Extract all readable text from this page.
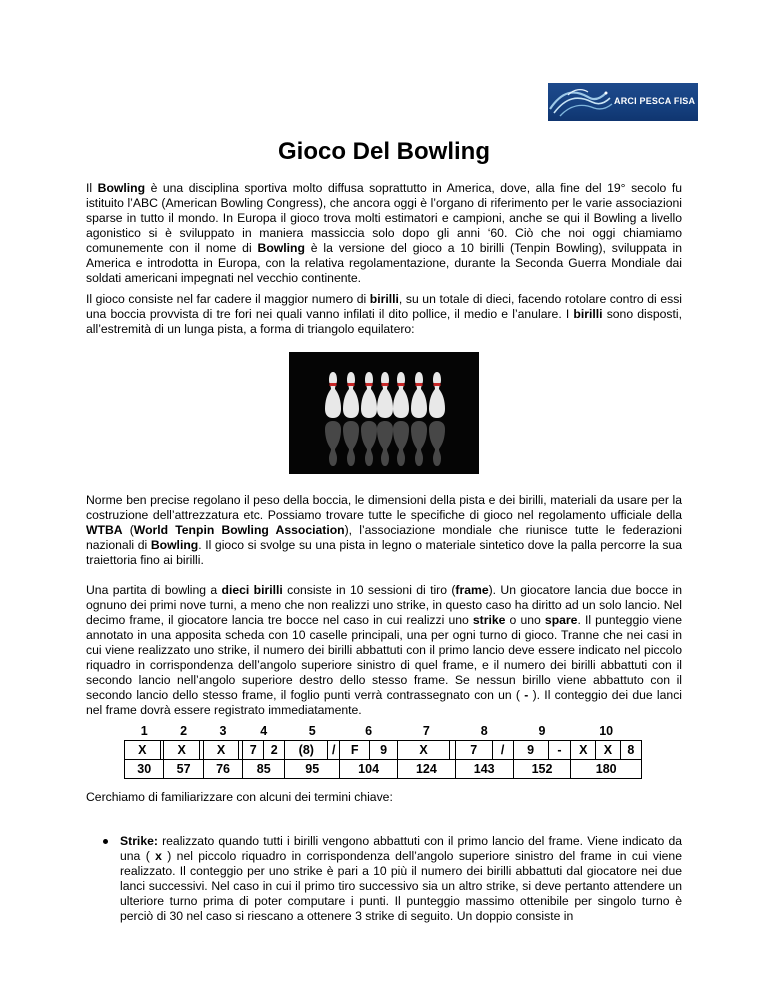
ARCI PESCA FISA
Gioco Del Bowling

Il Bowling è una disciplina sportiva molto diffusa soprattutto in America, dove, alla fine del 19° secolo fu istituito l’ABC (American Bowling Congress), che ancora oggi è l’organo di riferimento per le varie associazioni sparse in tutto il mondo. In Europa il gioco trova molti estimatori e campioni, anche se qui il Bowling a livello agonistico si è sviluppato in maniera massiccia solo dopo gli anni ‘60. Ciò che noi oggi chiamiamo comunemente con il nome di Bowling è la versione del gioco a 10 birilli (Tenpin Bowling), sviluppata in America e introdotta in Europa, con la relativa regolamentazione, durante la Seconda Guerra Mondiale dai soldati americani impegnati nel vecchio continente.

Il gioco consiste nel far cadere il maggior numero di birilli, su un totale di dieci, facendo rotolare contro di essi una boccia provvista di tre fori nei quali vanno infilati il dito pollice, il medio e l’anulare. I birilli sono disposti, all’estremità di un lunga pista, a forma di triangolo equilatero:

Norme ben precise regolano il peso della boccia, le dimensioni della pista e dei birilli, materiali da usare per la costruzione dell’attrezzatura etc. Possiamo trovare tutte le specifiche di gioco nel regolamento ufficiale della WTBA (World Tenpin Bowling Association), l’associazione mondiale che riunisce tutte le federazioni nazionali di Bowling. Il gioco si svolge su una pista in legno o materiale sintetico dove la palla percorre la sua traiettoria fino ai birilli.

Una partita di bowling a dieci birilli consiste in 10 sessioni di tiro (frame). Un giocatore lancia due bocce in ognuno dei primi nove turni, a meno che non realizzi uno strike, in questo caso ha diritto ad un solo lancio. Nel decimo frame, il giocatore lancia tre bocce nel caso in cui realizzi uno strike o uno spare. Il punteggio viene annotato in una apposita scheda con 10 caselle principali, una per ogni turno di gioco. Tranne che nei casi in cui viene realizzato uno strike, il numero dei birilli abbattuti con il primo lancio deve essere indicato nel piccolo riquadro in corrispondenza dell’angolo superiore sinistro di quel frame, e il numero dei birilli abbattuti con il secondo lancio nell’angolo superiore destro dello stesso frame. Se nessun birillo viene abbattuto con il secondo lancio dello stesso frame, il foglio punti verrà contrassegnato con un ( - ). Il conteggio dei due lanci nel frame dovrà essere registrato immediatamente.

1		2		3		4		5		6		7		8		9		10		
X		X		X		7	2	(8)	/	F	9	X		7	/	9	-	X	X	8
30		57		76		85		95		104		124		143		152		180		

Cerchiamo di familiarizzare con alcuni dei termini chiave:

Strike: realizzato quando tutti i birilli vengono abbattuti con il primo lancio del frame. Viene indicato da una ( x ) nel piccolo riquadro in corrispondenza dell’angolo superiore sinistro del frame in cui viene realizzato. Il conteggio per uno strike è pari a 10 più il numero dei birilli abbattuti dal giocatore nei due lanci successivi. Nel caso in cui il primo tiro successivo sia un altro strike, si deve pertanto attendere un ulteriore turno prima di poter computare i punti. Il punteggio massimo ottenibile per singolo turno è perciò di 30 nel caso si riescano a ottenere 3 strike di seguito. Un doppio consiste in
